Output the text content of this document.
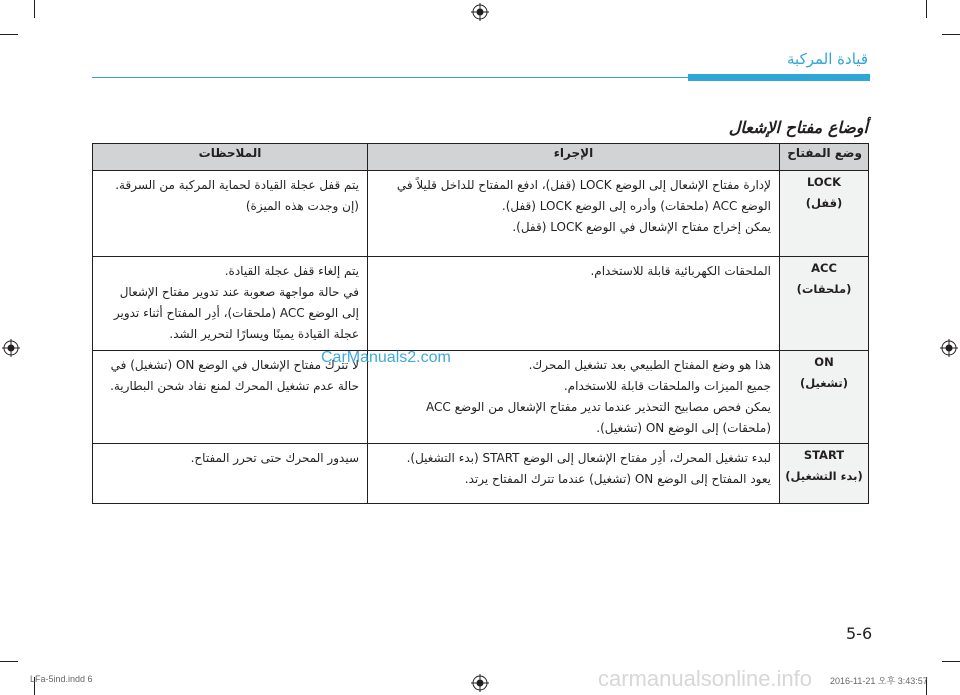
قيادة المركبة
أوضاع مفتاح الإشعال
وضع المفتاح	الإجراء	الملاحظات

LOCK
(قفل)	لإدارة مفتاح الإشعال إلى الوضع LOCK (قفل)، ادفع المفتاح للداخل قليلاً في
الوضع ACC (ملحقات) وأدره إلى الوضع LOCK (قفل).
يمكن إخراج مفتاح الإشعال في الوضع LOCK (قفل).	يتم قفل عجلة القيادة لحماية المركبة من السرقة.
(إن وجدت هذه الميزة)

ACC
(ملحقات)	الملحقات الكهربائية قابلة للاستخدام.	يتم إلغاء قفل عجلة القيادة.
في حالة مواجهة صعوبة عند تدوير مفتاح الإشعال
إلى الوضع ACC (ملحقات)، أدِر المفتاح أثناء تدوير
عجلة القيادة يمينًا ويسارًا لتحرير الشد.

ON
(تشغيل)	هذا هو وضع المفتاح الطبيعي بعد تشغيل المحرك.
جميع الميزات والملحقات قابلة للاستخدام.
يمكن فحص مصابيح التحذير عندما تدير مفتاح الإشعال من الوضع ACC
(ملحقات) إلى الوضع ON (تشغيل).	لا تترك مفتاح الإشعال في الوضع ON (تشغيل) في
حالة عدم تشغيل المحرك لمنع نفاد شحن البطارية.

START
(بدء التشغيل)	لبدء تشغيل المحرك، أدِر مفتاح الإشعال إلى الوضع START (بدء التشغيل).
يعود المفتاح إلى الوضع ON (تشغيل) عندما تترك المفتاح يرتد.	سيدور المحرك حتى تحرر المفتاح.
CarManuals2.com
5-6
LFa-5ind.indd 6	carmanualsonline.info 2016-11-21 오후 3:43:57
